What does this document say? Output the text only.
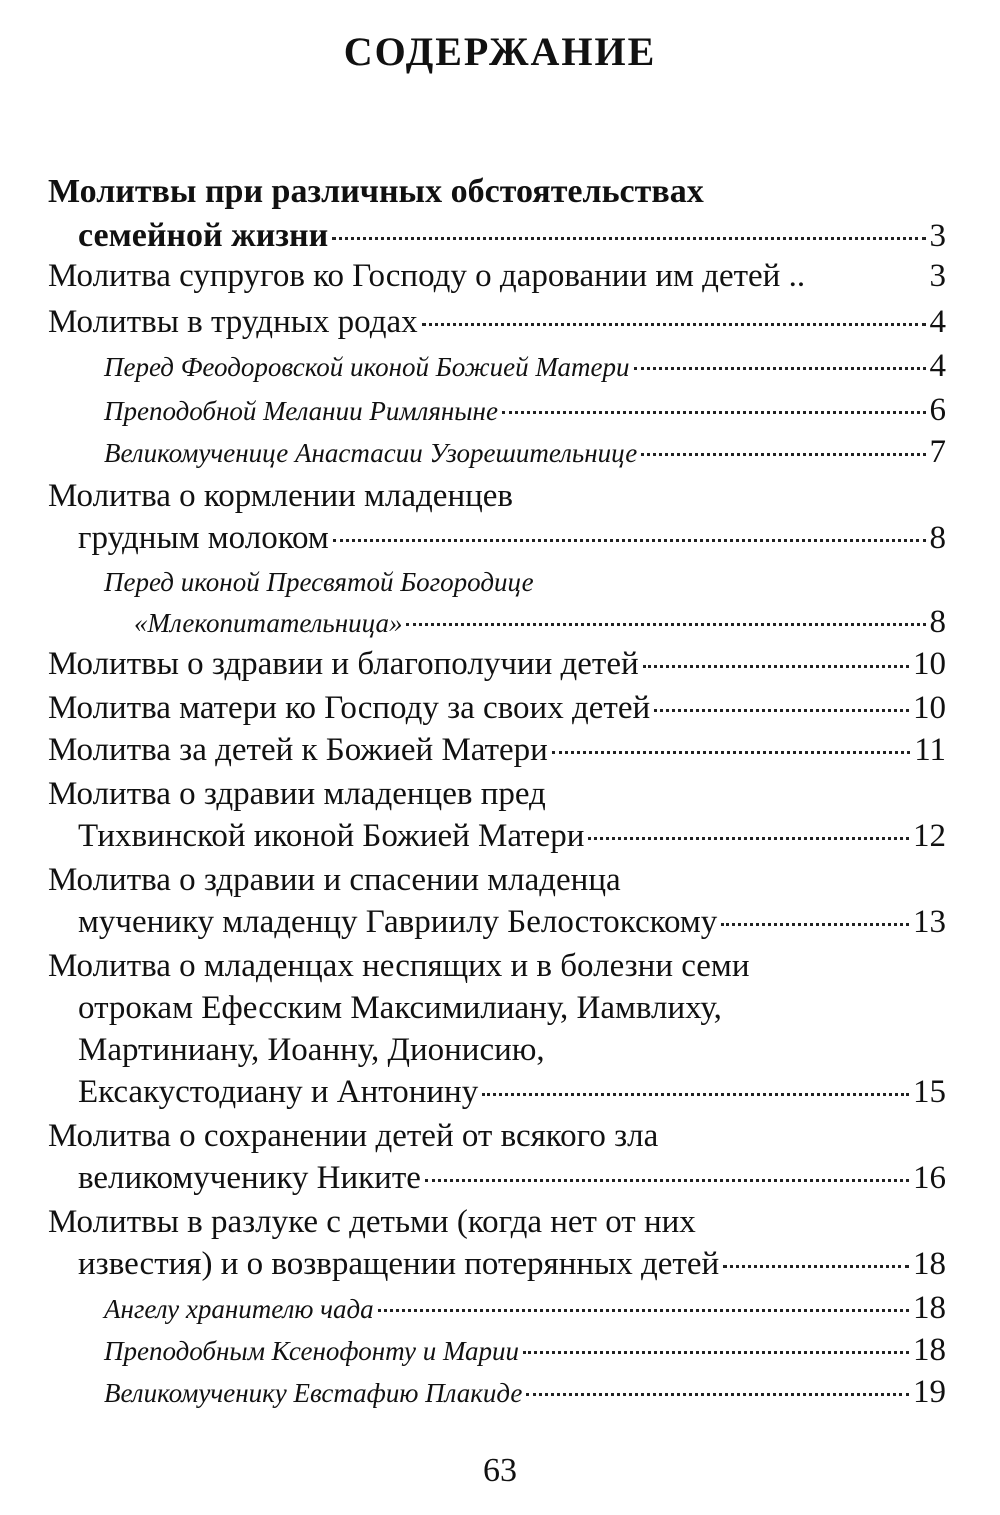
СОДЕРЖАНИЕ
Молитвы при различных обстоятельствах
семейной жизни	3
Молитва супругов ко Господу о даровании им детей ..	3
Молитвы в трудных родах	4
Перед Феодоровской иконой Божией Матери	4
Преподобной Мелании Римляныне	6
Великомученице Анастасии Узорешительнице	7
Молитва о кормлении младенцев
грудным молоком	8
Перед иконой Пресвятой Богородице
«Млекопитательница»	8
Молитвы о здравии и благополучии детей	10
Молитва матери ко Господу за своих детей	10
Молитва за детей к Божией Матери	11
Молитва о здравии младенцев пред
Тихвинской иконой Божией Матери	12
Молитва о здравии и спасении младенца
мученику младенцу Гавриилу Белостокскому	13
Молитва о младенцах неспящих и в болезни семи
отрокам Ефесским Максимилиану, Иамвлиху,
Мартиниану, Иоанну, Дионисию,
Ексакустодиану и Антонину	15
Молитва о сохранении детей от всякого зла
великомученику Никите	16
Молитвы в разлуке с детьми (когда нет от них
известия) и о возвращении потерянных детей	18
Ангелу хранителю чада	18
Преподобным Ксенофонту и Марии	18
Великомученику Евстафию Плакиде	19
63
